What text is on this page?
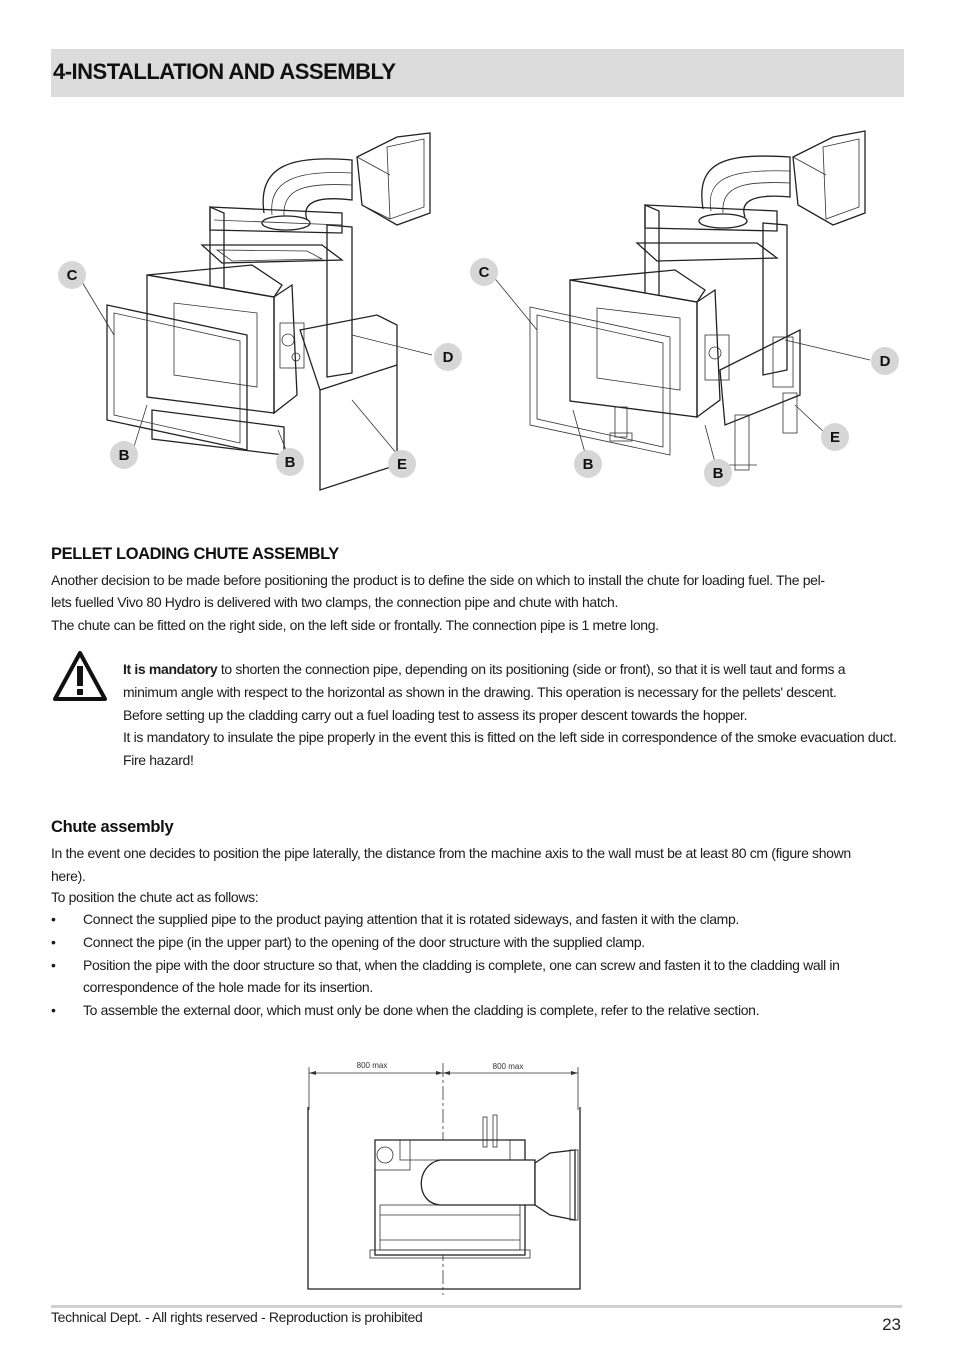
4-INSTALLATION AND ASSEMBLY
C
B	B
D
E
C
B
B
D
E
PELLET LOADING CHUTE ASSEMBLY

Another decision to be made before positioning the product is to define the side on which to install the chute for loading fuel. The pel-

lets fuelled Vivo 80 Hydro is delivered with two clamps, the connection pipe and chute with hatch.

The chute can be fitted on the right side, on the left side or frontally. The connection pipe is 1 metre long.

It is mandatory to shorten the connection pipe, depending on its positioning (side or front), so that it is well taut and forms a minimum angle with respect to the horizontal as shown in the drawing. This operation is necessary for the pellets' descent.

Before setting up the cladding carry out a fuel loading test to assess its proper descent towards the hopper.

It is mandatory to insulate the pipe properly in the event this is fitted on the left side in correspondence of the smoke evacuation duct. Fire hazard!

Chute assembly

In the event one decides to position the pipe laterally, the distance from the machine axis to the wall must be at least 80 cm (figure shown here).

To position the chute act as follows:

• Connect the supplied pipe to the product paying attention that it is rotated sideways, and fasten it with the clamp.
• Connect the pipe (in the upper part) to the opening of the door structure with the supplied clamp.
• Position the pipe with the door structure so that, when the cladding is complete, one can screw and fasten it to the cladding wall in correspondence of the hole made for its insertion.
• To assemble the external door, which must only be done when the cladding is complete, refer to the relative section.
800 max	800 max
Technical Dept. - All rights reserved - Reproduction is prohibited	23
